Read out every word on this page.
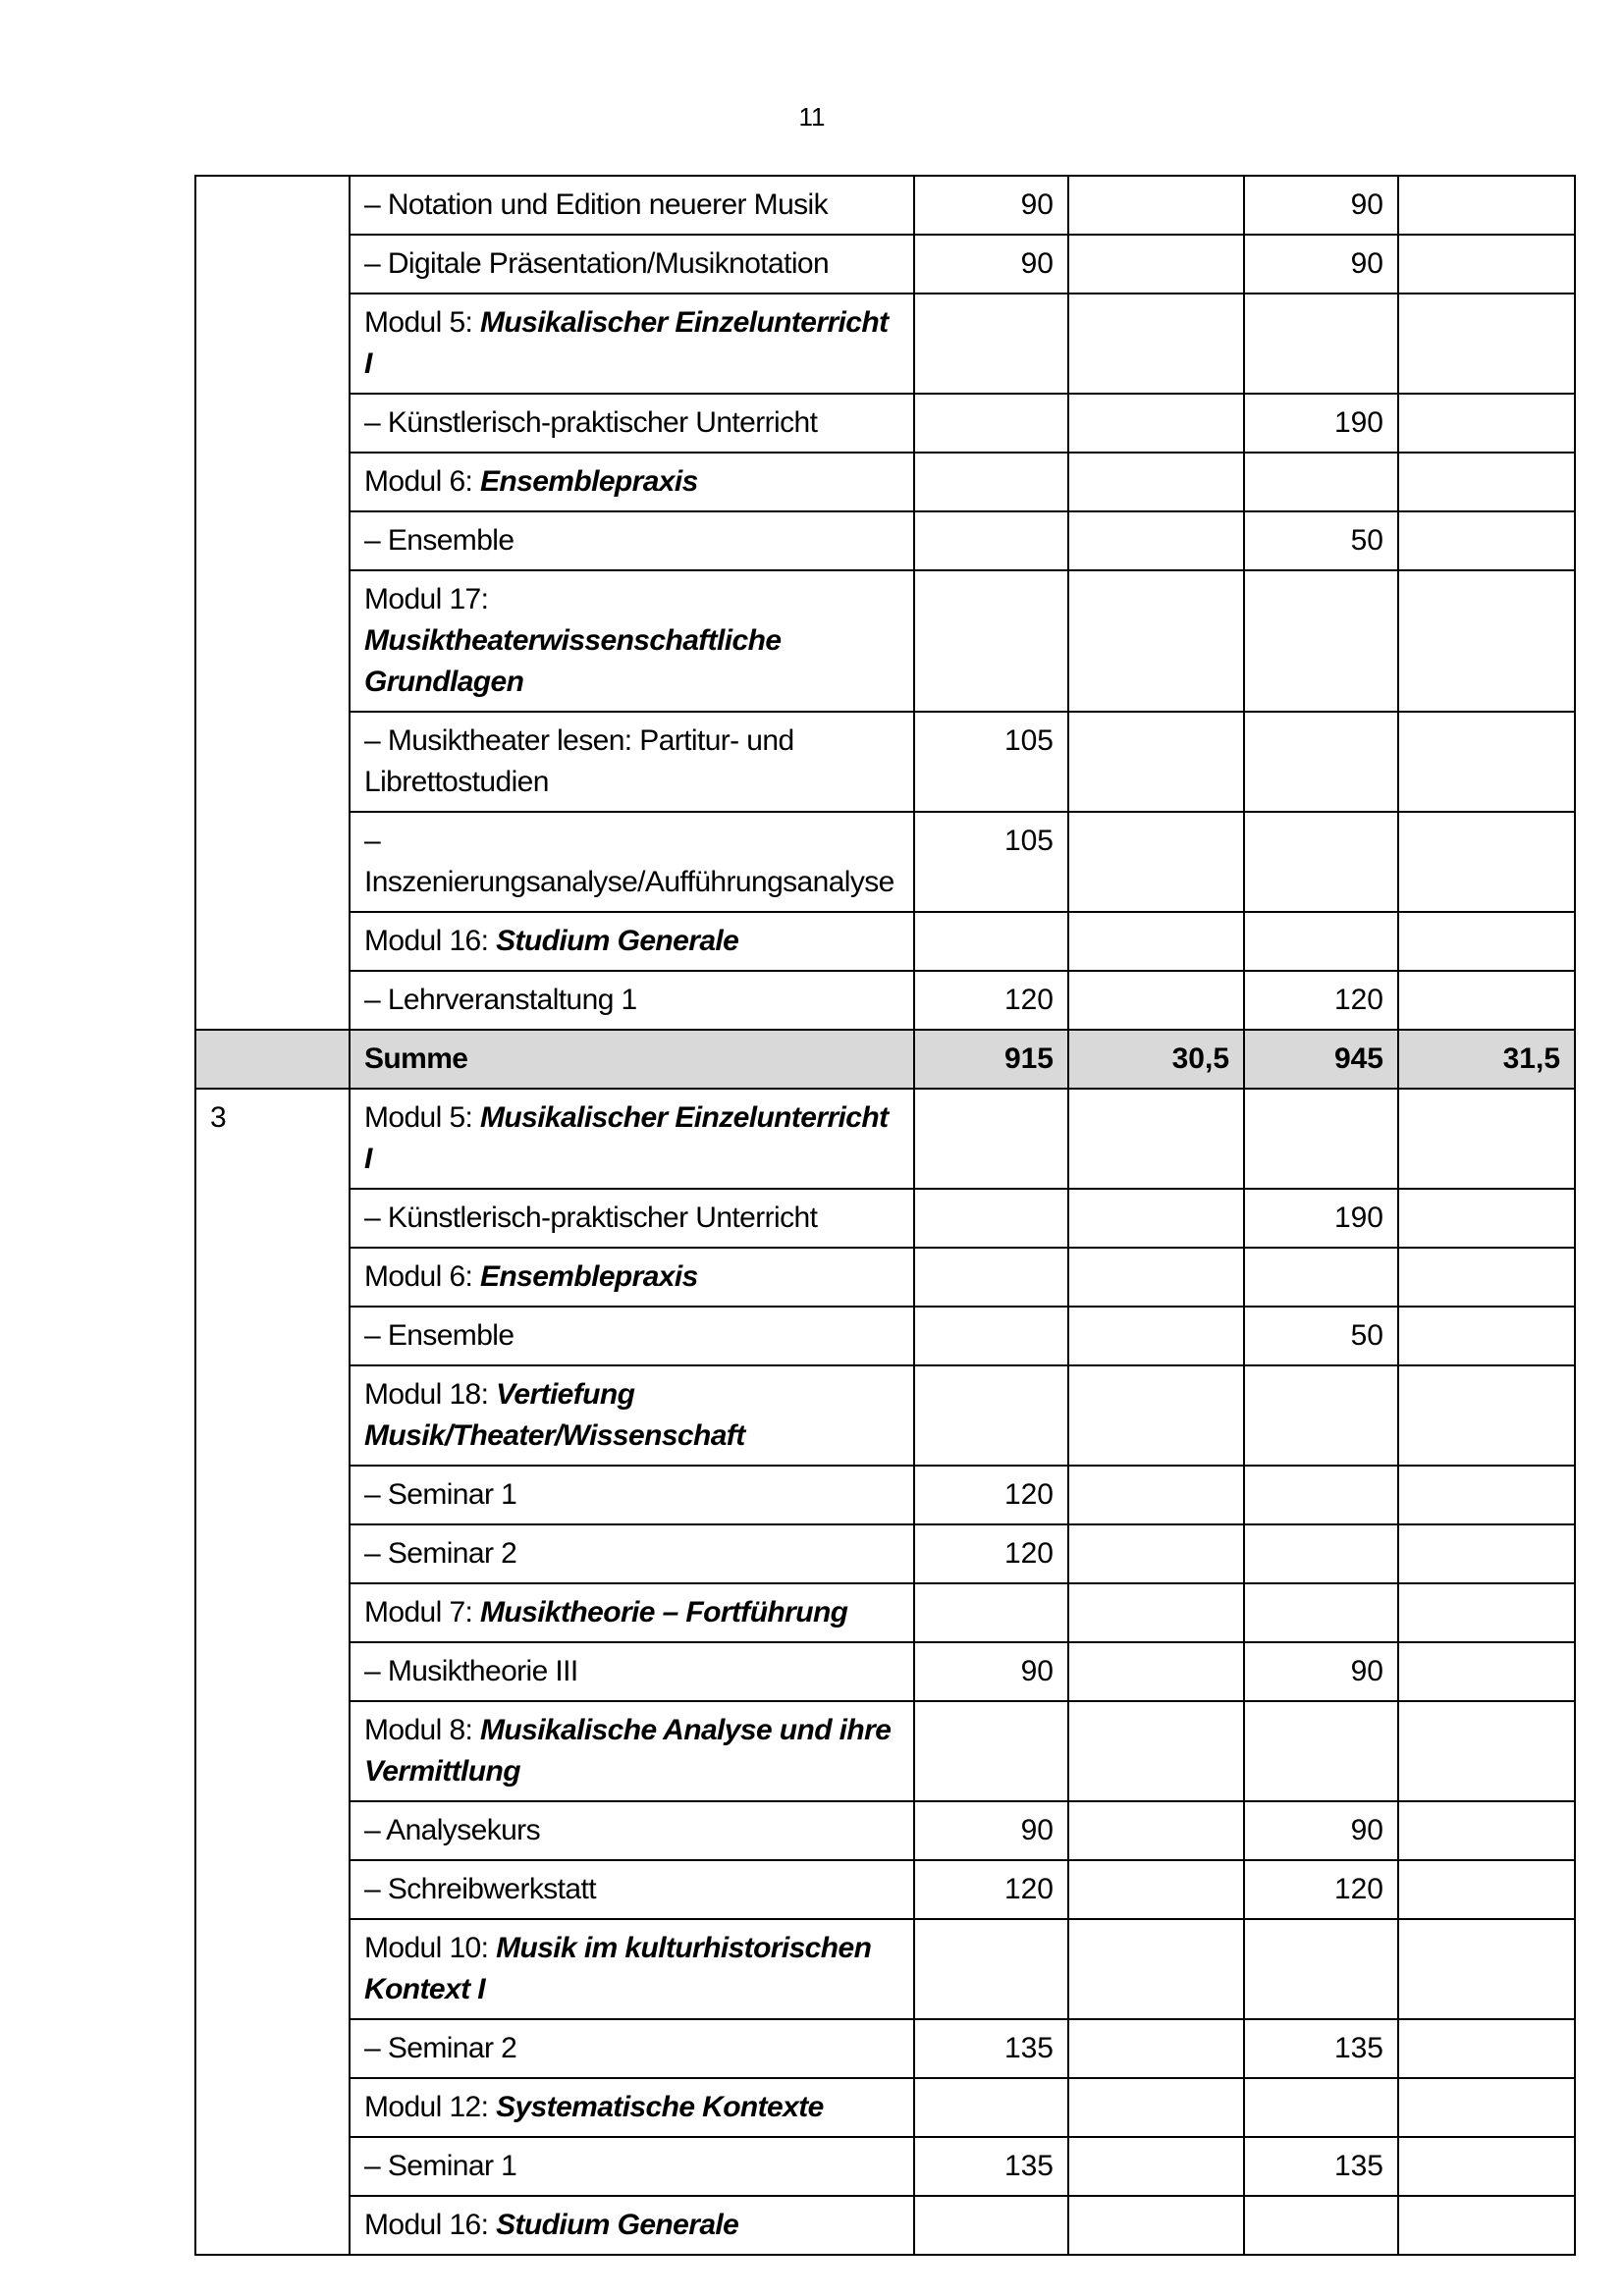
11
	– Notation und Edition neuerer Musik	90		90	
	– Digitale Präsentation/Musiknotation	90		90	
	Modul 5: Musikalischer Einzelunterricht I				
	– Künstlerisch-praktischer Unterricht			190	
	Modul 6: Ensemblepraxis				
	– Ensemble			50	
	Modul 17: Musiktheaterwissenschaftliche Grundlagen				
	– Musiktheater lesen: Partitur- und Librettostudien	105			
	– Inszenierungsanalyse/Aufführungsanalyse	105			
	Modul 16: Studium Generale				
	– Lehrveranstaltung 1	120		120	
	Summe	915	30,5	945	31,5
3	Modul 5: Musikalischer Einzelunterricht I				
	– Künstlerisch-praktischer Unterricht			190	
	Modul 6: Ensemblepraxis				
	– Ensemble			50	
	Modul 18: Vertiefung Musik/Theater/Wissenschaft				
	– Seminar 1	120			
	– Seminar 2	120			
	Modul 7: Musiktheorie – Fortführung				
	– Musiktheorie III	90		90	
	Modul 8: Musikalische Analyse und ihre Vermittlung				
	– Analysekurs	90		90	
	– Schreibwerkstatt	120		120	
	Modul 10: Musik im kulturhistorischen Kontext I				
	– Seminar 2	135		135	
	Modul 12: Systematische Kontexte				
	– Seminar 1	135		135	
	Modul 16: Studium Generale				
